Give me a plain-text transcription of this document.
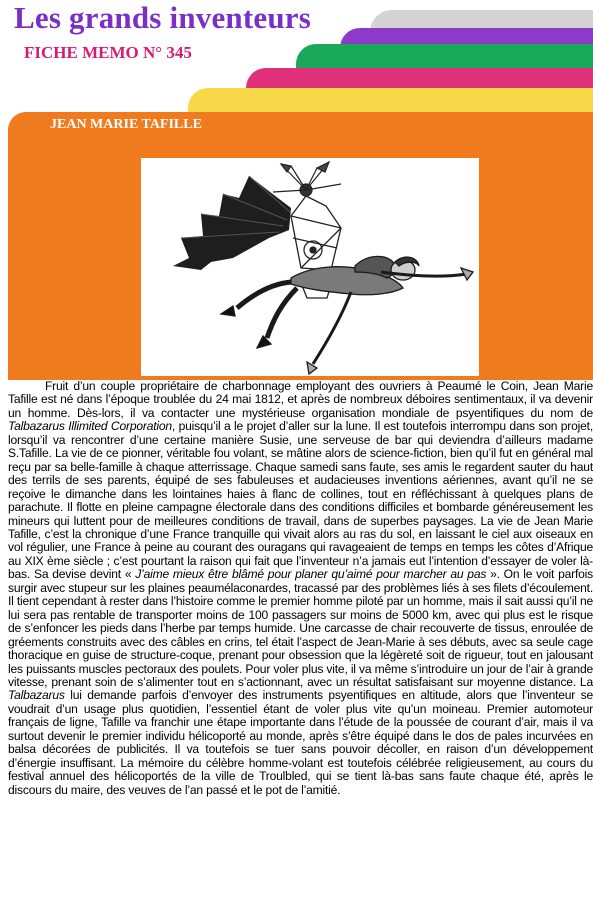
Les grands inventeurs
FICHE MEMO N° 345
JEAN MARIE TAFILLE

Fruit d’un couple propriétaire de charbonnage employant des ouvriers à Peaumé le Coin, Jean Marie Tafille est né dans l’époque troublée du 24 mai 1812, et après de nombreux déboires sentimentaux, il va devenir un homme. Dès-lors, il va contacter une mystérieuse organisation mondiale de psyentifiques du nom de Talbazarus Illimited Corporation, puisqu’il a le projet d’aller sur la lune. Il est toutefois interrompu dans son projet, lorsqu’il va rencontrer d’une certaine manière Susie, une serveuse de bar qui deviendra d’ailleurs madame S.Tafille. La vie de ce pionner, véritable fou volant, se mâtine alors de science-fiction, bien qu’il fut en général mal reçu par sa belle-famille à chaque atterrissage. Chaque samedi sans faute, ses amis le regardent sauter du haut des terrils de ses parents, équipé de ses fabuleuses et audacieuses inventions aériennes, avant qu’il ne se reçoive le dimanche dans les lointaines haies à flanc de collines, tout en réfléchissant à quelques plans de parachute. Il flotte en pleine campagne électorale dans des conditions difficiles et bombarde généreusement les mineurs qui luttent pour de meilleures conditions de travail, dans de superbes paysages. La vie de Jean Marie Tafille, c’est la chronique d’une France tranquille qui vivait alors au ras du sol, en laissant le ciel aux oiseaux en vol régulier, une France à peine au courant des ouragans qui ravageaient de temps en temps les côtes d’Afrique au XIX ème siècle ; c’est pourtant la raison qui fait que l’inventeur n’a jamais eut l’intention d’essayer de voler là-bas. Sa devise devint « J’aime mieux être blâmé pour planer qu’aimé pour marcher au pas ». On le voit parfois surgir avec stupeur sur les plaines peaumélaconardes, tracassé par des problèmes liés à ses filets d’écoulement. Il tient cependant à rester dans l’histoire comme le premier homme piloté par un homme, mais il sait aussi qu’il ne lui sera pas rentable de transporter moins de 100 passagers sur moins de 5000 km, avec qui plus est le risque de s’enfoncer les pieds dans l’herbe par temps humide. Une carcasse de chair recouverte de tissus, enroulée de gréements construits avec des câbles en crins, tel était l’aspect de Jean-Marie à ses débuts, avec sa seule cage thoracique en guise de structure-coque, prenant pour obsession que la légèreté soit de rigueur, tout en jalousant les puissants muscles pectoraux des poulets. Pour voler plus vite, il va même s’introduire un jour de l’air à grande vitesse, prenant soin de s’alimenter tout en s’actionnant, avec un résultat satisfaisant sur moyenne distance. La Talbazarus lui demande parfois d’envoyer des instruments psyentifiques en altitude, alors que l’inventeur se voudrait d’un usage plus quotidien, l’essentiel étant de voler plus vite qu’un moineau. Premier automoteur français de ligne, Tafille va franchir une étape importante dans l’étude de la poussée de courant d’air, mais il va surtout devenir le premier individu hélicoporté au monde, après s’être équipé dans le dos de pales incurvées en balsa décorées de publicités. Il va toutefois se tuer sans pouvoir décoller, en raison d’un développement d’énergie insuffisant. La mémoire du célèbre homme-volant est toutefois célébrée religieusement, au cours du festival annuel des hélicoportés de la ville de Troulbled, qui se tient là-bas sans faute chaque été, après le discours du maire, des veuves de l’an passé et le pot de l’amitié.
